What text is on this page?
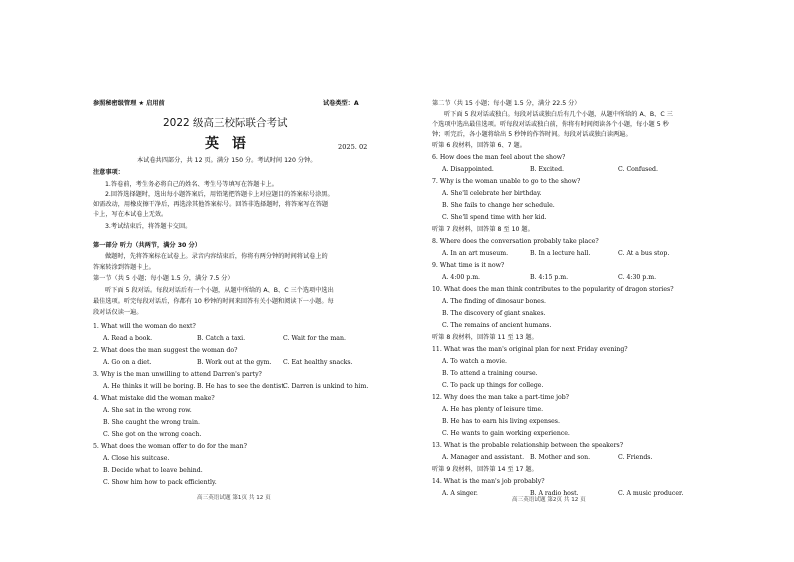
参照秘密级管理 ★ 启用前	试卷类型：A
2022 级高三校际联合考试
英 语	2025. 02
本试卷共四部分，共 12 页。满分 150 分。考试时间 120 分钟。
注意事项：
1.答卷前，考生务必将自己的姓名、考生号等填写在答题卡上。
2.回答选择题时，选出每小题答案后，用铅笔把答题卡上对应题目的答案标号涂黑。
如需改动，用橡皮擦干净后，再选涂其他答案标号。回答非选择题时，将答案写在答题
卡上，写在本试卷上无效。
3.考试结束后，将答题卡交回。
第一部分 听力（共两节，满分 30 分）
做题时，先将答案标在试卷上。录音内容结束后，你将有两分钟的时间将试卷上的
答案转涂到答题卡上。
第一节（共 5 小题；每小题 1.5 分，满分 7.5 分）
听下面 5 段对话。每段对话后有一个小题，从题中所给的 A、B、C 三个选项中选出
最佳选项。听完每段对话后，你都有 10 秒钟的时间来回答有关小题和阅读下一小题。每
段对话仅读一遍。
1. What will the woman do next?
A. Read a book.	B. Catch a taxi.	C. Wait for the man.
2. What does the man suggest the woman do?
A. Go on a diet.	B. Work out at the gym. C. Eat healthy snacks.
3. Why is the man unwilling to attend Darren's party?
A. He thinks it will be boring. B. He has to see the dentist.
C. Darren is unkind to him.
4. What mistake did the woman make?
A. She sat in the wrong row.
B. She caught the wrong train.
C. She got on the wrong coach.
5. What does the woman offer to do for the man?
A. Close his suitcase.
B. Decide what to leave behind.
C. Show him how to pack efficiently.
高三英语试题 第1页 共 12 页
第二节（共 15 小题；每小题 1.5 分，满分 22.5 分）
听下面 5 段对话或独白。每段对话或独白后有几个小题，从题中所给的 A、B、C 三
个选项中选出最佳选项。听每段对话或独白前，你将有时间阅读各个小题，每小题 5 秒
钟；听完后，各小题将给出 5 秒钟的作答时间。每段对话或独白读两遍。
听第 6 段材料，回答第 6、7 题。
6. How does the man feel about the show?
A. Disappointed.	B. Excited.	C. Confused.
7. Why is the woman unable to go to the show?
A. She'll celebrate her birthday.
B. She fails to change her schedule.
C. She'll spend time with her kid.
听第 7 段材料，回答第 8 至 10 题。
8. Where does the conversation probably take place?
A. In an art museum.	B. In a lecture hall.	C. At a bus stop.
9. What time is it now?
A. 4:00 p.m.	B. 4:15 p.m.	C. 4:30 p.m.
10. What does the man think contributes to the popularity of dragon stories?
A. The finding of dinosaur bones.
B. The discovery of giant snakes.
C. The remains of ancient humans.
听第 8 段材料，回答第 11 至 13 题。
11. What was the man's original plan for next Friday evening?
A. To watch a movie.
B. To attend a training course.
C. To pack up things for college.
12. Why does the man take a part-time job?
A. He has plenty of leisure time.
B. He has to earn his living expenses.
C. He wants to gain working experience.
13. What is the probable relationship between the speakers?
A. Manager and assistant. B. Mother and son.	C. Friends.
听第 9 段材料，回答第 14 至 17 题。
14. What is the man's job probably?
A. A singer.	B. A radio host.	C. A music producer.
高三英语试题 第2页 共 12 页
